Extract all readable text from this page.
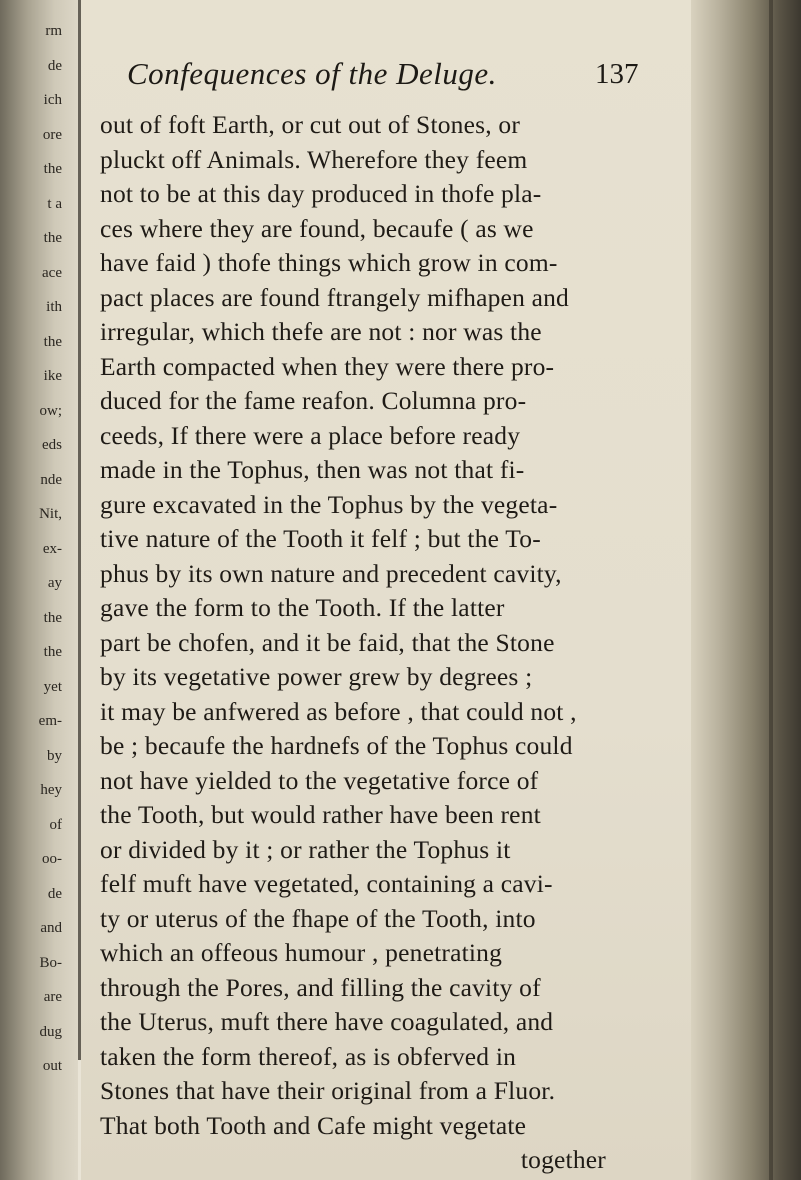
rm
de
ich
ore
the
t a
the
ace
ith
the
ike
ow;
eds
nde
Nit,
ex-
ay
the
the
yet
em-
by
hey
of
oo-
de
and
Bo-
are
dug
out
Confequences of the Deluge.	137
out of foft Earth, or cut out of Stones, or
pluckt off Animals. Wherefore they feem
not to be at this day produced in thofe pla-
ces where they are found, becaufe ( as we
have faid ) thofe things which grow in com-
pact places are found ftrangely mifhapen and
irregular, which thefe are not : nor was the
Earth compacted when they were there pro-
duced for the fame reafon. Columna pro-
ceeds, If there were a place before ready
made in the Tophus, then was not that fi-
gure excavated in the Tophus by the vegeta-
tive nature of the Tooth it felf ; but the To-
phus by its own nature and precedent cavity,
gave the form to the Tooth. If the latter
part be chofen, and it be faid, that the Stone
by its vegetative power grew by degrees ;
it may be anfwered as before , that could not ,
be ; becaufe the hardnefs of the Tophus could
not have yielded to the vegetative force of
the Tooth, but would rather have been rent
or divided by it ; or rather the Tophus it
felf muft have vegetated, containing a cavi-
ty or uterus of the fhape of the Tooth, into
which an offeous humour , penetrating
through the Pores, and filling the cavity of
the Uterus, muft there have coagulated, and
taken the form thereof, as is obferved in
Stones that have their original from a Fluor.
That both Tooth and Cafe might vegetate
together
